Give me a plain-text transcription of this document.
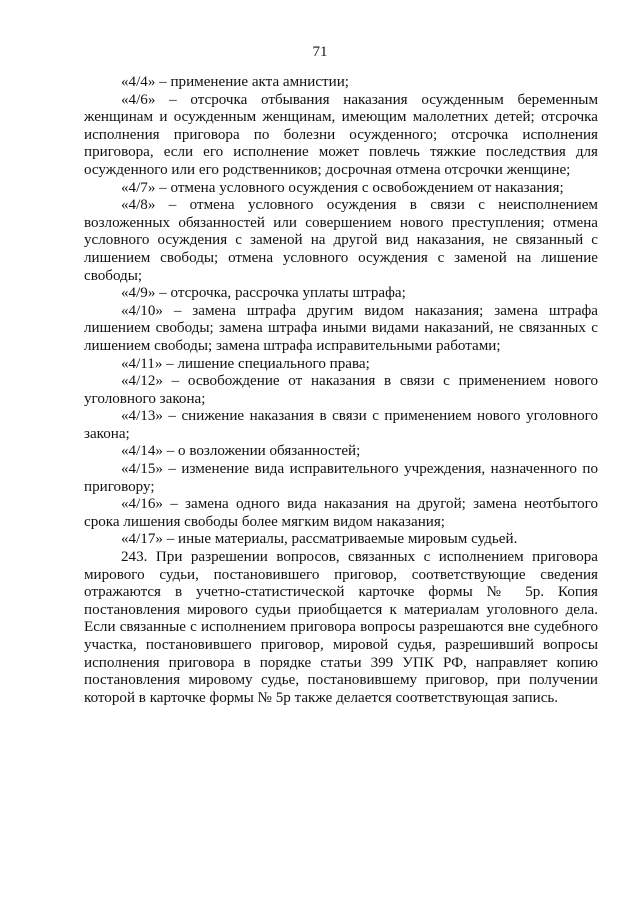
71

«4/4» – применение акта амнистии;

«4/6» – отсрочка отбывания наказания осужденным беременным женщинам и осужденным женщинам, имеющим малолетних детей; отсрочка исполнения приговора по болезни осужденного; отсрочка исполнения приговора, если его исполнение может повлечь тяжкие последствия для осужденного или его родственников; досрочная отмена отсрочки женщине;

«4/7» – отмена условного осуждения с освобождением от наказания;

«4/8» – отмена условного осуждения в связи с неисполнением возложенных обязанностей или совершением нового преступления; отмена условного осуждения с заменой на другой вид наказания, не связанный с лишением свободы; отмена условного осуждения с заменой на лишение свободы;

«4/9» – отсрочка, рассрочка уплаты штрафа;

«4/10» – замена штрафа другим видом наказания; замена штрафа лишением свободы; замена штрафа иными видами наказаний, не связанных с лишением свободы; замена штрафа исправительными работами;

«4/11» – лишение специального права;

«4/12» – освобождение от наказания в связи с применением нового уголовного закона;

«4/13» – снижение наказания в связи с применением нового уголовного закона;

«4/14» – о возложении обязанностей;

«4/15» – изменение вида исправительного учреждения, назначенного по приговору;

«4/16» – замена одного вида наказания на другой; замена неотбытого срока лишения свободы более мягким видом наказания;

«4/17» – иные материалы, рассматриваемые мировым судьей.

243. При разрешении вопросов, связанных с исполнением приговора мирового судьи, постановившего приговор, соответствующие сведения отражаются в учетно-статистической карточке формы № 5р. Копия постановления мирового судьи приобщается к материалам уголовного дела. Если связанные с исполнением приговора вопросы разрешаются вне судебного участка, постановившего приговор, мировой судья, разрешивший вопросы исполнения приговора в порядке статьи 399 УПК РФ, направляет копию постановления мировому судье, постановившему приговор, при получении которой в карточке формы № 5р также делается соответствующая запись.
